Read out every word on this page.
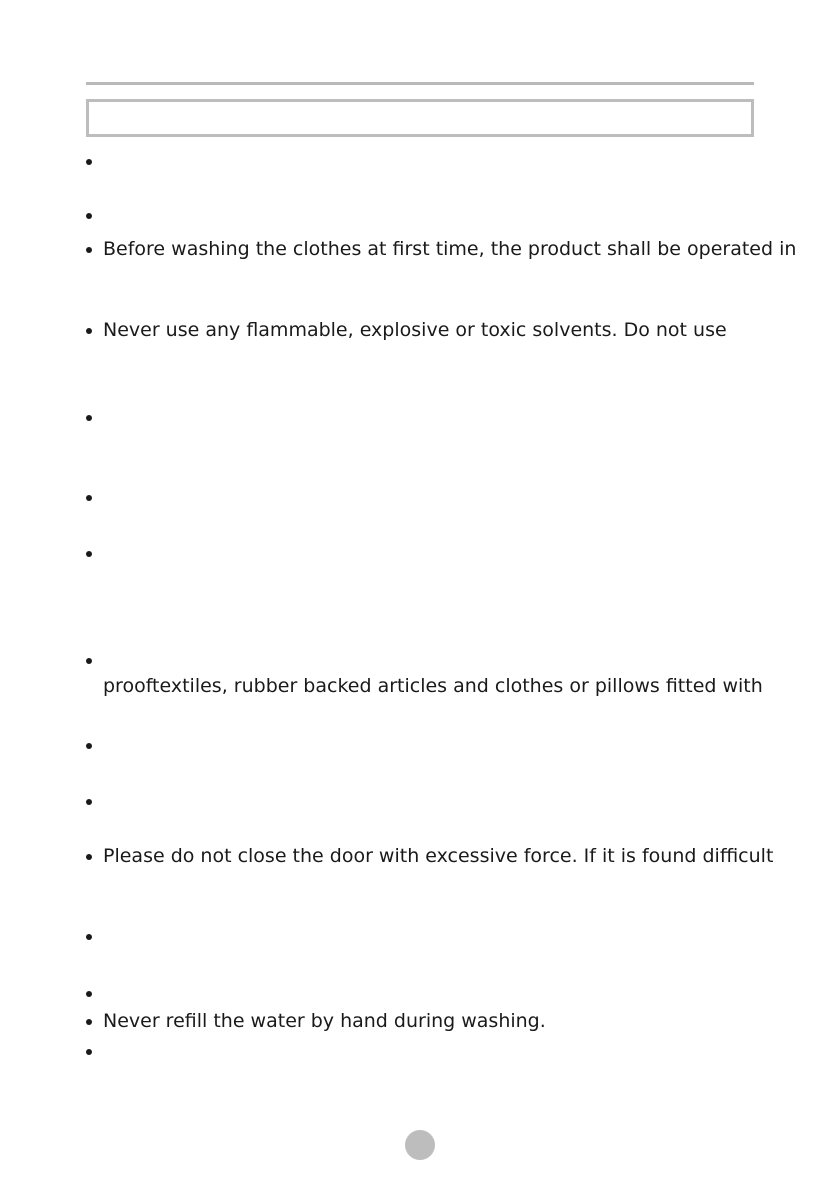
Before washing the clothes at first time, the product shall be operated in
Never use any flammable, explosive or toxic solvents. Do not use
prooftextiles, rubber backed articles and clothes or pillows fitted with
Please do not close the door with excessive force. If it is found difficult
Never refill the water by hand during washing.
